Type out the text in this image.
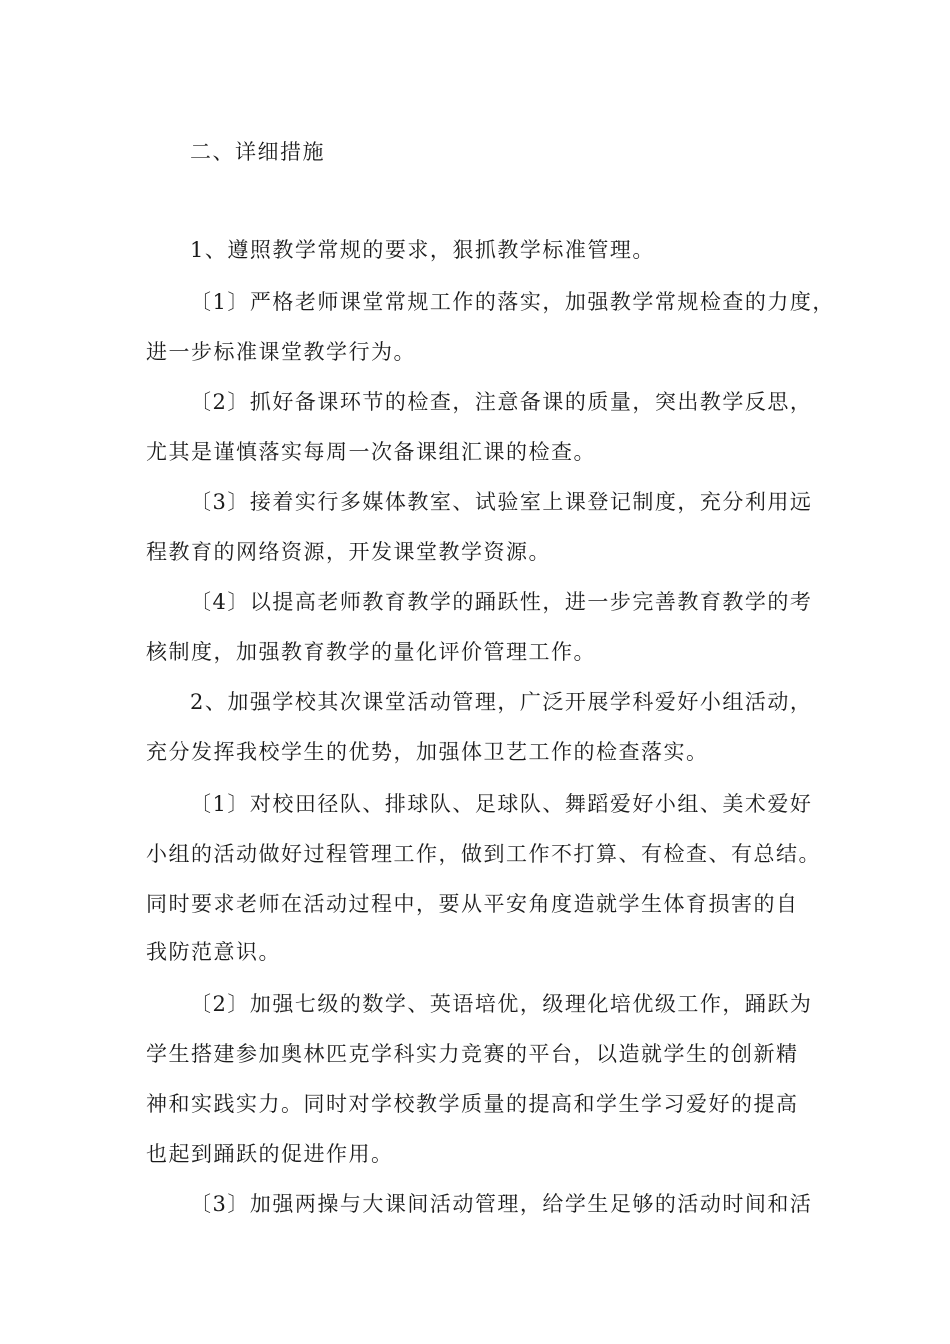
二、详细措施
1、遵照教学常规的要求，狠抓教学标准管理。
〔1〕严格老师课堂常规工作的落实，加强教学常规检查的力度，
进一步标准课堂教学行为。
〔2〕抓好备课环节的检查，注意备课的质量，突出教学反思，
尤其是谨慎落实每周一次备课组汇课的检查。
〔3〕接着实行多媒体教室、试验室上课登记制度，充分利用远
程教育的网络资源，开发课堂教学资源。
〔4〕以提高老师教育教学的踊跃性，进一步完善教育教学的考
核制度，加强教育教学的量化评价管理工作。
2、加强学校其次课堂活动管理，广泛开展学科爱好小组活动，
充分发挥我校学生的优势，加强体卫艺工作的检查落实。
〔1〕对校田径队、排球队、足球队、舞蹈爱好小组、美术爱好
小组的活动做好过程管理工作，做到工作不打算、有检查、有总结。
同时要求老师在活动过程中，要从平安角度造就学生体育损害的自
我防范意识。
〔2〕加强七级的数学、英语培优，级理化培优级工作，踊跃为
学生搭建参加奥林匹克学科实力竞赛的平台，以造就学生的创新精
神和实践实力。同时对学校教学质量的提高和学生学习爱好的提高
也起到踊跃的促进作用。
〔3〕加强两操与大课间活动管理，给学生足够的活动时间和活
